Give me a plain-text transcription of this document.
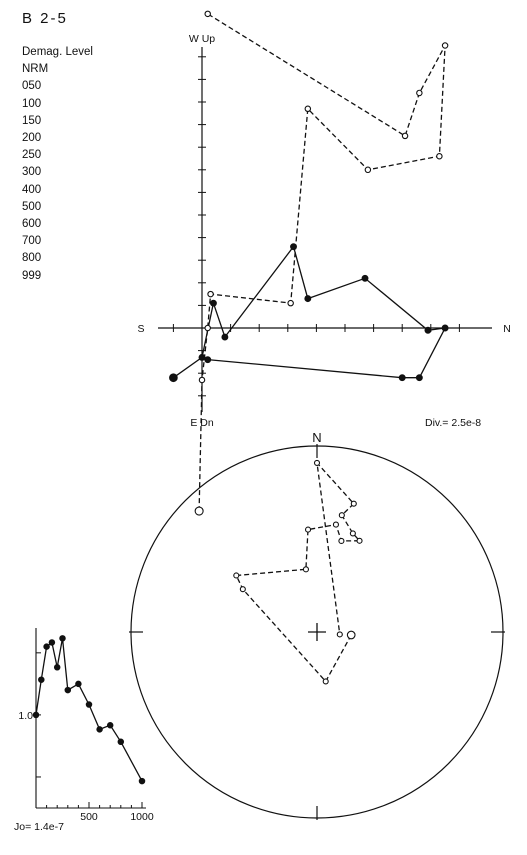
B 2-5
Demag. Level
NRM
050
100
150
200
250
300
400
500
600
700
800
999
W Up
E Dn
S	N
Div.= 2.5e-8
N
1.0
500	1000
Jo= 1.4e-7
